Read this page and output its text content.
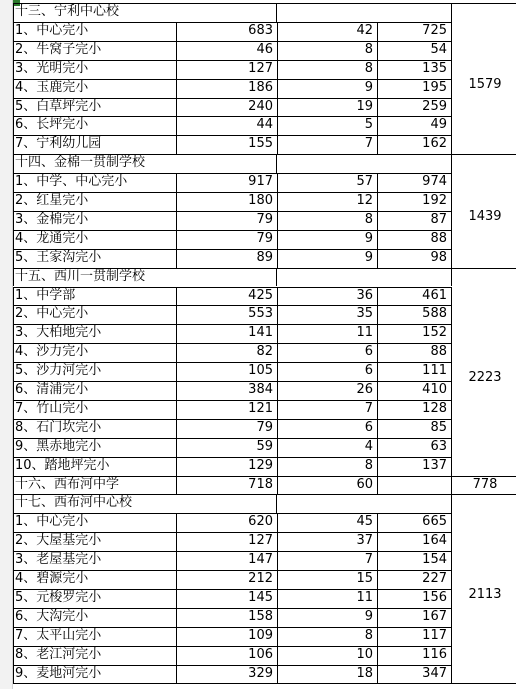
十三、宁利中心校
1、中心完小	683	42	725
2、牛窝子完小	46	8	54
3、光明完小	127	8	135
4、玉鹿完小	186	9	195
5、白草坪完小	240	19	259
6、长坪完小	44	5	49
7、宁利幼儿园	155	7	162
1579
十四、金棉一贯制学校
1、中学、中心完小	917	57	974
2、红星完小	180	12	192
3、金棉完小	79	8	87
4、龙通完小	79	9	88
5、王家沟完小	89	9	98
1439
十五、西川一贯制学校
1、中学部	425	36	461
2、中心完小	553	35	588
3、大柏地完小	141	11	152
4、沙力完小	82	6	88
5、沙力河完小	105	6	111
6、清浦完小	384	26	410
7、竹山完小	121	7	128
8、石门坎完小	79	6	85
9、黑赤地完小	59	4	63
10、踏地坪完小	129	8	137
2223
十六、西布河中学	718	60	778
十七、西布河中心校
1、中心完小	620	45	665
2、大屋基完小	127	37	164
3、老屋基完小	147	7	154
4、碧源完小	212	15	227
5、元梭罗完小	145	11	156
6、大沟完小	158	9	167
7、太平山完小	109	8	117
8、老江河完小	106	10	116
9、麦地河完小	329	18	347
2113
